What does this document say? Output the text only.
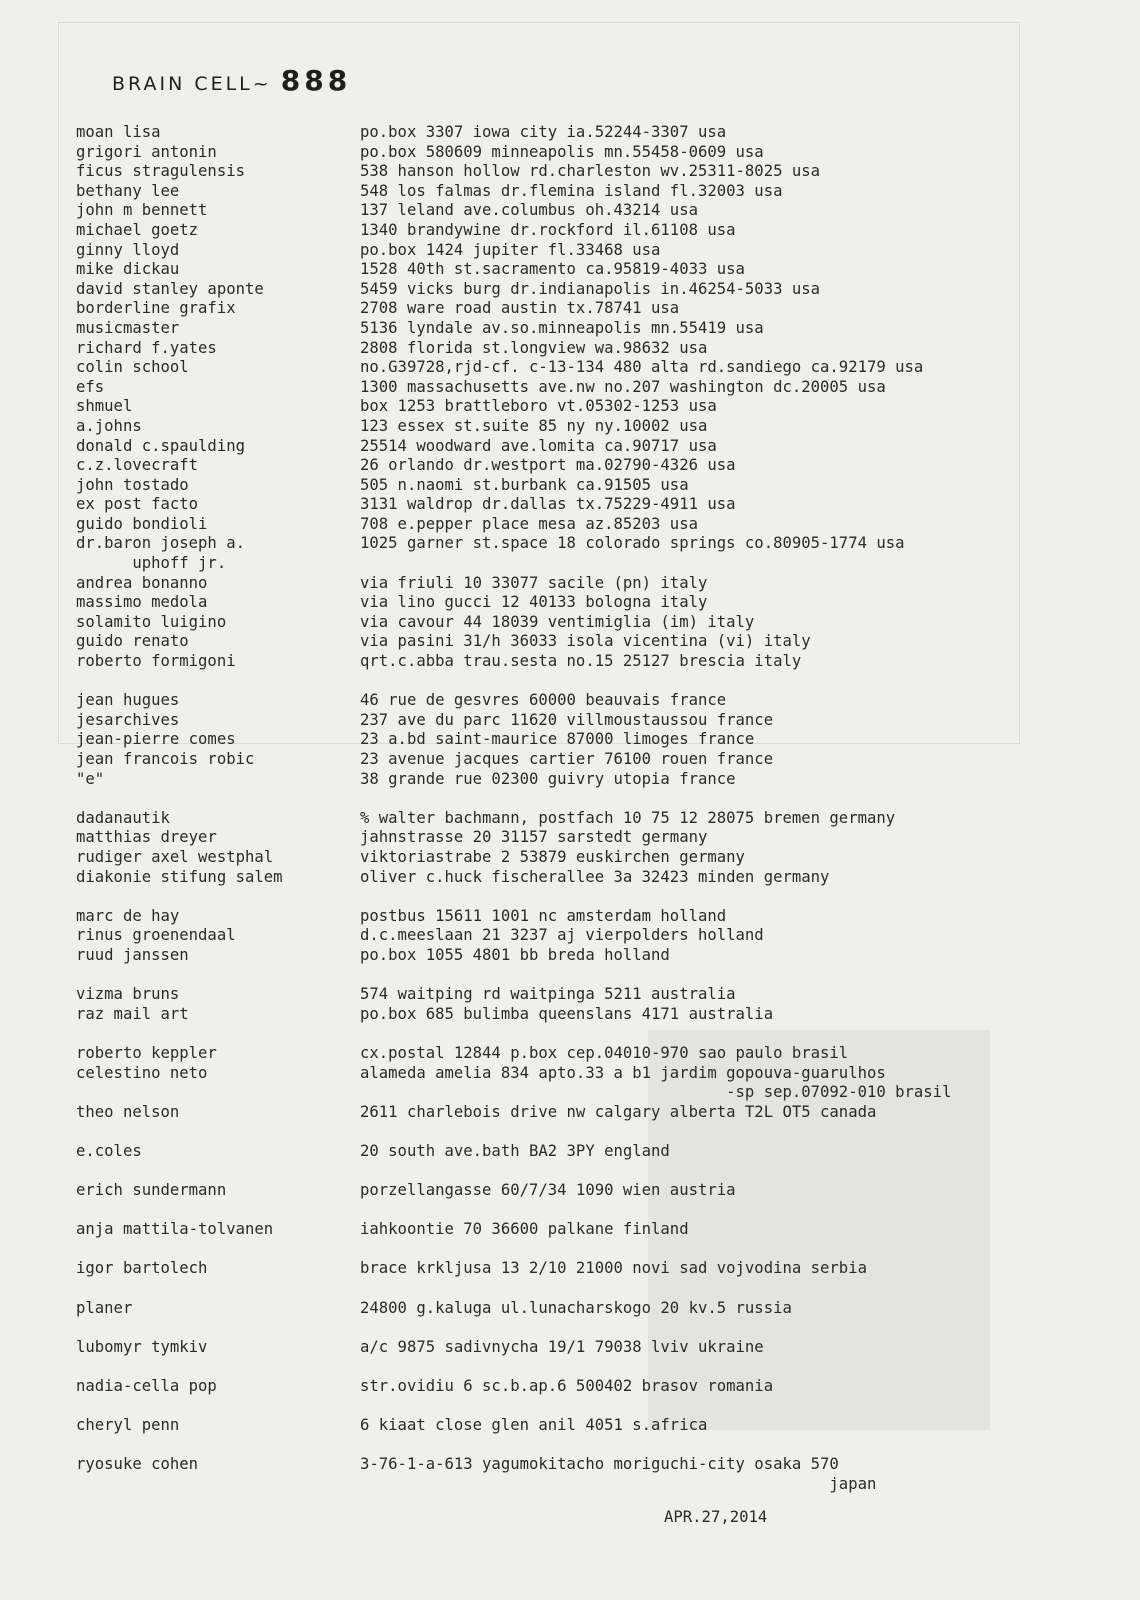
BRAIN CELL~ 888
moan lisa	po.box 3307 iowa city ia.52244-3307 usa
grigori antonin	po.box 580609 minneapolis mn.55458-0609 usa
ficus stragulensis	538 hanson hollow rd.charleston wv.25311-8025 usa
bethany lee	548 los falmas dr.flemina island fl.32003 usa
john m bennett	137 leland ave.columbus oh.43214 usa
michael goetz	1340 brandywine dr.rockford il.61108 usa
ginny lloyd	po.box 1424 jupiter fl.33468 usa
mike dickau	1528 40th st.sacramento ca.95819-4033 usa
david stanley aponte	5459 vicks burg dr.indianapolis in.46254-5033 usa
borderline grafix	2708 ware road austin tx.78741 usa
musicmaster	5136 lyndale av.so.minneapolis mn.55419 usa
richard f.yates	2808 florida st.longview wa.98632 usa
colin school	no.G39728,rjd-cf. c-13-134 480 alta rd.sandiego ca.92179 usa
efs	1300 massachusetts ave.nw no.207 washington dc.20005 usa
shmuel	box 1253 brattleboro vt.05302-1253 usa
a.johns	123 essex st.suite 85 ny ny.10002 usa
donald c.spaulding	25514 woodward ave.lomita ca.90717 usa
c.z.lovecraft	26 orlando dr.westport ma.02790-4326 usa
john tostado	505 n.naomi st.burbank ca.91505 usa
ex post facto	3131 waldrop dr.dallas tx.75229-4911 usa
guido bondioli	708 e.pepper place mesa az.85203 usa
dr.baron joseph a.	1025 garner st.space 18 colorado springs co.80905-1774 usa
uphoff jr.
andrea bonanno	via friuli 10 33077 sacile (pn) italy
massimo medola	via lino gucci 12 40133 bologna italy
solamito luigino	via cavour 44 18039 ventimiglia (im) italy
guido renato	via pasini 31/h 36033 isola vicentina (vi) italy
roberto formigoni	qrt.c.abba trau.sesta no.15 25127 brescia italy
jean hugues	46 rue de gesvres 60000 beauvais france
jesarchives	237 ave du parc 11620 villmoustaussou france
jean-pierre comes	23 a.bd saint-maurice 87000 limoges france
jean francois robic	23 avenue jacques cartier 76100 rouen france
"e"	38 grande rue 02300 guivry utopia france
dadanautik	% walter bachmann, postfach 10 75 12 28075 bremen germany
matthias dreyer	jahnstrasse 20 31157 sarstedt germany
rudiger axel westphal	viktoriastrabe 2 53879 euskirchen germany
diakonie stifung salem	oliver c.huck fischerallee 3a 32423 minden germany
marc de hay	postbus 15611 1001 nc amsterdam holland
rinus groenendaal	d.c.meeslaan 21 3237 aj vierpolders holland
ruud janssen	po.box 1055 4801 bb breda holland
vizma bruns	574 waitping rd waitpinga 5211 australia
raz mail art	po.box 685 bulimba queenslans 4171 australia
roberto keppler	cx.postal 12844 p.box cep.04010-970 sao paulo brasil
celestino neto	alameda amelia 834 apto.33 a b1 jardim gopouva-guarulhos
-sp sep.07092-010 brasil
theo nelson	2611 charlebois drive nw calgary alberta T2L OT5 canada
e.coles	20 south ave.bath BA2 3PY england
erich sundermann	porzellangasse 60/7/34 1090 wien austria
anja mattila-tolvanen	iahkoontie 70 36600 palkane finland
igor bartolech	brace krkljusa 13 2/10 21000 novi sad vojvodina serbia
planer	24800 g.kaluga ul.lunacharskogo 20 kv.5 russia
lubomyr tymkiv	a/c 9875 sadivnycha 19/1 79038 lviv ukraine
nadia-cella pop	str.ovidiu 6 sc.b.ap.6 500402 brasov romania
cheryl penn	6 kiaat close glen anil 4051 s.africa
ryosuke cohen	3-76-1-a-613 yagumokitacho moriguchi-city osaka 570
japan
APR.27,2014
